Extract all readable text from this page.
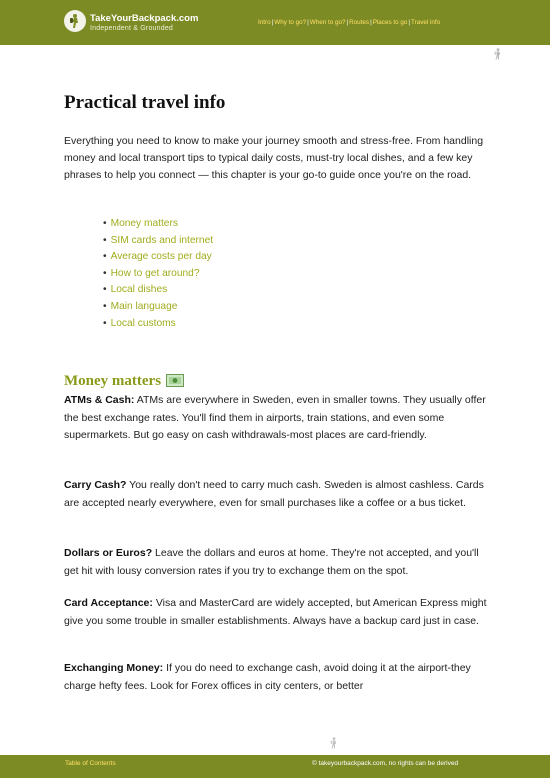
TakeYourBackpack.com
Independent & Grounded
Intro|Why to go?|When to go?|Routes|Places to go|Travel info
Practical travel info

Everything you need to know to make your journey smooth and stress-free. From handling money and local transport tips to typical daily costs, must-try local dishes, and a few key phrases to help you connect — this chapter is your go-to guide once you're on the road.

• Money matters
• SIM cards and internet
• Average costs per day
• How to get around?
• Local dishes
• Main language
• Local customs
Money matters

ATMs & Cash: ATMs are everywhere in Sweden, even in smaller towns. They usually offer the best exchange rates. You'll find them in airports, train stations, and even some supermarkets. But go easy on cash withdrawals-most places are card-friendly.

Carry Cash? You really don't need to carry much cash. Sweden is almost cashless. Cards are accepted nearly everywhere, even for small purchases like a coffee or a bus ticket.

Dollars or Euros? Leave the dollars and euros at home. They're not accepted, and you'll get hit with lousy conversion rates if you try to exchange them on the spot.

Card Acceptance: Visa and MasterCard are widely accepted, but American Express might give you some trouble in smaller establishments. Always have a backup card just in case.

Exchanging Money: If you do need to exchange cash, avoid doing it at the airport-they charge hefty fees. Look for Forex offices in city centers, or better

Table of Contents	© takeyourbackpack.com, no rights can be derived
